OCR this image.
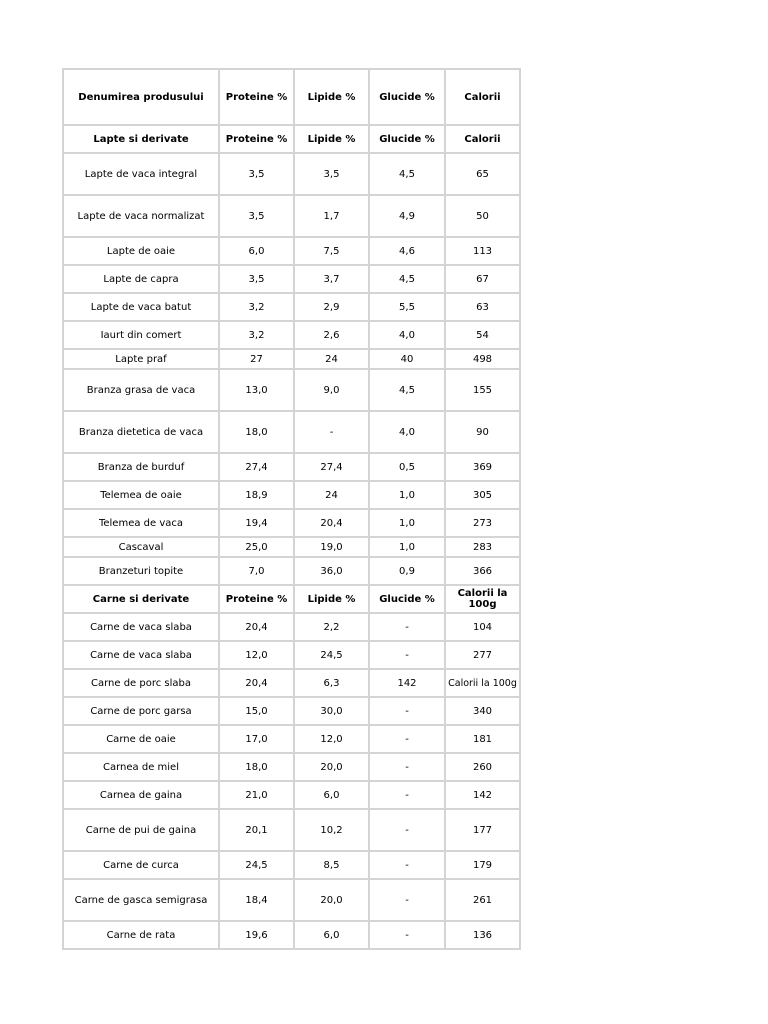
Denumirea produsului	Proteine %	Lipide %	Glucide %	Calorii
Lapte si derivate	Proteine %	Lipide %	Glucide %	Calorii
Lapte de vaca integral	3,5	3,5	4,5	65
Lapte de vaca normalizat	3,5	1,7	4,9	50
Lapte de oaie	6,0	7,5	4,6	113
Lapte de capra	3,5	3,7	4,5	67
Lapte de vaca batut	3,2	2,9	5,5	63
Iaurt din comert	3,2	2,6	4,0	54
Lapte praf	27	24	40	498
Branza grasa de vaca	13,0	9,0	4,5	155
Branza dietetica de vaca	18,0	-	4,0	90
Branza de burduf	27,4	27,4	0,5	369
Telemea de oaie	18,9	24	1,0	305
Telemea de vaca	19,4	20,4	1,0	273
Cascaval	25,0	19,0	1,0	283
Branzeturi topite	7,0	36,0	0,9	366
Carne si derivate	Proteine %	Lipide %	Glucide %	Calorii la 100g
Carne de vaca slaba	20,4	2,2	-	104
Carne de vaca slaba	12,0	24,5	-	277
Carne de porc slaba	20,4	6,3	142	Calorii la 100g
Carne de porc garsa	15,0	30,0	-	340
Carne de oaie	17,0	12,0	-	181
Carnea de miel	18,0	20,0	-	260
Carnea de gaina	21,0	6,0	-	142
Carne de pui de gaina	20,1	10,2	-	177
Carne de curca	24,5	8,5	-	179
Carne de gasca semigrasa	18,4	20,0	-	261
Carne de rata	19,6	6,0	-	136
